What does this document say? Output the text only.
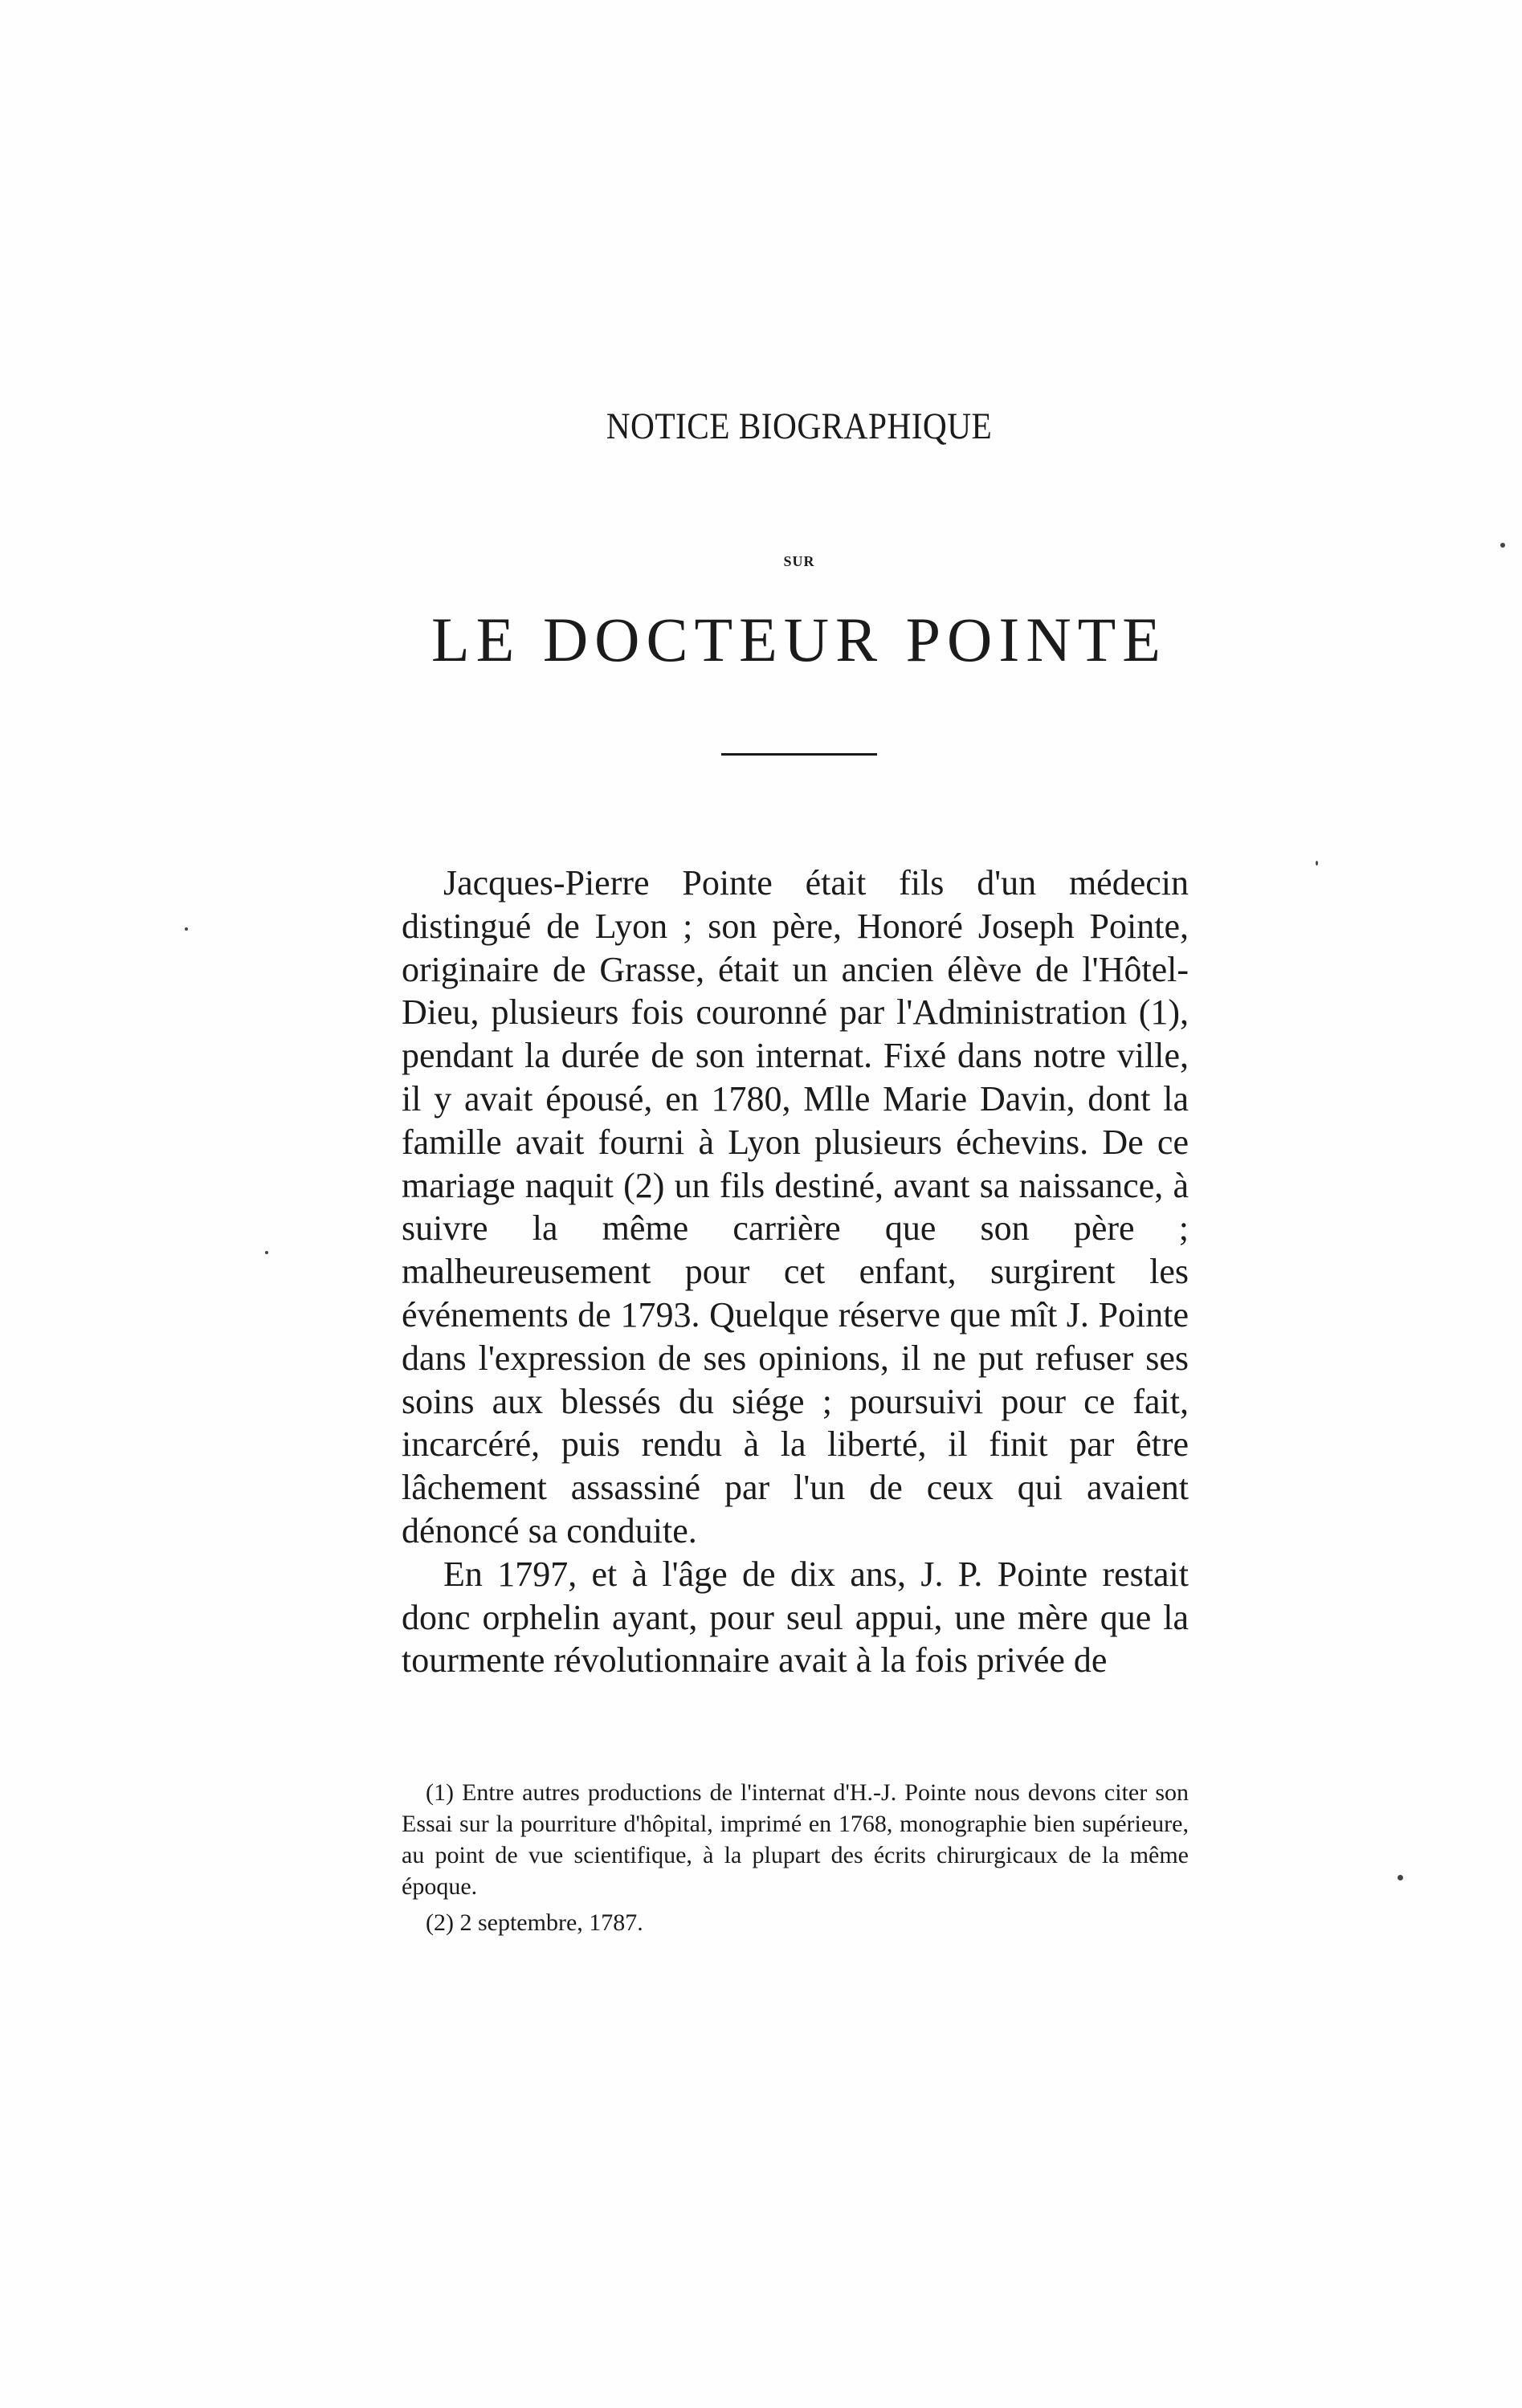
NOTICE BIOGRAPHIQUE
SUR
LE DOCTEUR POINTE

Jacques-Pierre Pointe était fils d'un médecin distingué de Lyon ; son père, Honoré Joseph Pointe, originaire de Grasse, était un ancien élève de l'Hôtel-Dieu, plusieurs fois couronné par l'Administration (1), pendant la durée de son internat. Fixé dans notre ville, il y avait épousé, en 1780, Mlle Marie Davin, dont la famille avait fourni à Lyon plusieurs échevins. De ce mariage naquit (2) un fils destiné, avant sa naissance, à suivre la même carrière que son père ; malheureusement pour cet enfant, surgirent les événements de 1793. Quelque réserve que mît J. Pointe dans l'expression de ses opinions, il ne put refuser ses soins aux blessés du siége ; poursuivi pour ce fait, incarcéré, puis rendu à la liberté, il finit par être lâchement assassiné par l'un de ceux qui avaient dénoncé sa conduite.

En 1797, et à l'âge de dix ans, J. P. Pointe restait donc orphelin ayant, pour seul appui, une mère que la tourmente révolutionnaire avait à la fois privée de

(1) Entre autres productions de l'internat d'H.-J. Pointe nous devons citer son Essai sur la pourriture d'hôpital, imprimé en 1768, monographie bien supérieure, au point de vue scientifique, à la plupart des écrits chirurgicaux de la même époque.

(2) 2 septembre, 1787.
